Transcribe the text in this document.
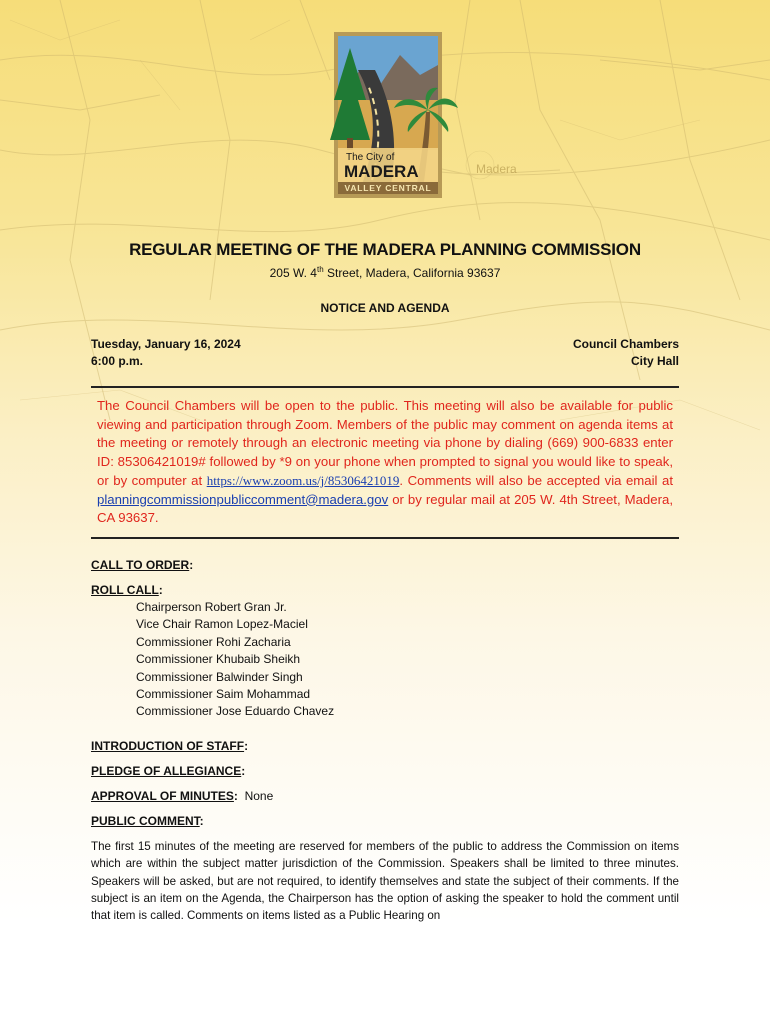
Madera
The City of
MADERA
VALLEY CENTRAL
REGULAR MEETING OF THE MADERA PLANNING COMMISSION
205 W. 4th Street, Madera, California 93637
NOTICE AND AGENDA
Tuesday, January 16, 2024
6:00 p.m.
Council Chambers
City Hall
The Council Chambers will be open to the public. This meeting will also be available for public viewing and participation through Zoom. Members of the public may comment on agenda items at the meeting or remotely through an electronic meeting via phone by dialing (669) 900-6833 enter ID: 85306421019# followed by *9 on your phone when prompted to signal you would like to speak, or by computer at https://www.zoom.us/j/85306421019. Comments will also be accepted via email at planningcommissionpubliccomment@madera.gov or by regular mail at 205 W. 4th Street, Madera, CA 93637.
CALL TO ORDER:
ROLL CALL:
Chairperson Robert Gran Jr.
Vice Chair Ramon Lopez-Maciel
Commissioner Rohi Zacharia
Commissioner Khubaib Sheikh
Commissioner Balwinder Singh
Commissioner Saim Mohammad
Commissioner Jose Eduardo Chavez
INTRODUCTION OF STAFF:
PLEDGE OF ALLEGIANCE:
APPROVAL OF MINUTES:  None
PUBLIC COMMENT:
The first 15 minutes of the meeting are reserved for members of the public to address the Commission on items which are within the subject matter jurisdiction of the Commission. Speakers shall be limited to three minutes. Speakers will be asked, but are not required, to identify themselves and state the subject of their comments. If the subject is an item on the Agenda, the Chairperson has the option of asking the speaker to hold the comment until that item is called. Comments on items listed as a Public Hearing on
